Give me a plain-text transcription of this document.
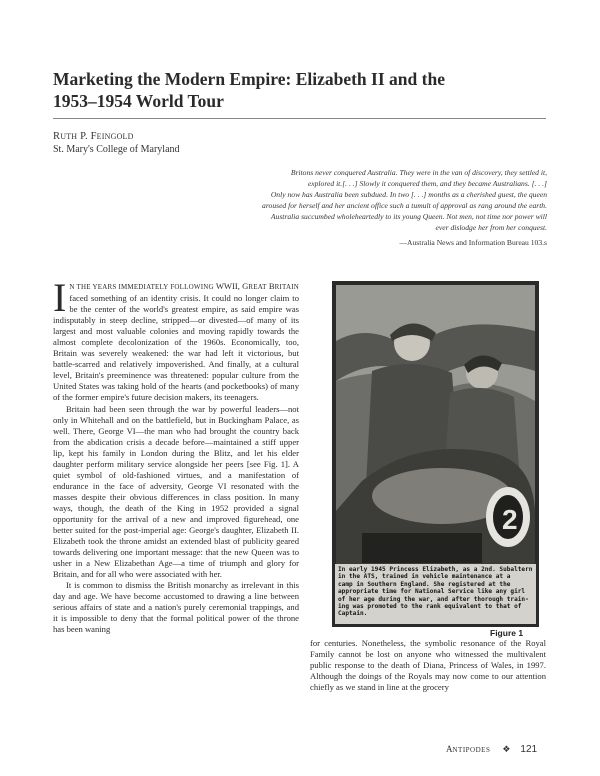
Marketing the Modern Empire: Elizabeth II and the
1953–1954 World Tour
RUTH P. FEINGOLD
St. Mary's College of Maryland
Britons never conquered Australia. They were in the van of discovery, they settled it,
explored it.[. . .] Slowly it conquered them, and they became Australians. [. . .]
Only now has Australia been subdued. In two [. . .] months as a cherished guest, the queen
aroused for herself and her ancient office such a tumult of approval as rang around the earth.
Australia succumbed wholeheartedly to its young Queen. Not men, not time nor power will
ever dislodge her from her conquest.
—Australia News and Information Bureau 103.s

I N THE YEARS IMMEDIATELY FOLLOWING WWII, GREAT BRITAIN faced something of an identity crisis. It could no longer claim to be the center of the world's greatest empire, as said empire was indisputably in steep decline, stripped—or divested—of many of its largest and most valuable colonies and moving rapidly towards the almost complete decolonization of the 1960s. Economically, too, Britain was severely weakened: the war had left it victorious, but battle-scarred and relatively impoverished. And finally, at a cultural level, Britain's preeminence was threatened: popular culture from the United States was taking hold of the hearts (and pocketbooks) of many of the former empire's future decision makers, its teenagers.

Britain had been seen through the war by powerful leaders—not only in Whitehall and on the battlefield, but in Buckingham Palace, as well. There, George VI—the man who had brought the country back from the abdication crisis a decade before—maintained a stiff upper lip, kept his family in London during the Blitz, and let his elder daughter perform military service alongside her peers [see Fig. 1]. A quiet symbol of old-fashioned virtues, and a manifestation of endurance in the face of adversity, George VI resonated with the masses despite their obvious differences in class position. In many ways, though, the death of the King in 1952 provided a signal opportunity for the arrival of a new and improved figurehead, one better suited for the post-imperial age: George's daughter, Elizabeth II. Elizabeth took the throne amidst an extended blast of publicity geared towards delivering one important message: that the new Queen was to usher in a New Elizabethan Age—a time of triumph and glory for Britain, and for all who were associated with her.

It is common to dismiss the British monarchy as irrelevant in this day and age. We have become accustomed to drawing a line between serious affairs of state and a nation's purely ceremonial trappings, and it is impossible to deny that the formal political power of the throne has been waning

2
In early 1945 Princess Elizabeth, as a 2nd. Subaltern
in the ATS, trained in vehicle maintenance at a
camp in Southern England. She registered at the
appropriate time for National Service like any girl
of her age during the war, and after thorough train-
ing was promoted to the rank equivalent to that of
Captain.
Figure 1

for centuries. Nonetheless, the symbolic resonance of the Royal Family cannot be lost on anyone who witnessed the multivalent public response to the death of Diana, Princess of Wales, in 1997. Although the doings of the Royals may now come to our attention chiefly as we stand in line at the grocery

ANTIPODES ❖ 121
